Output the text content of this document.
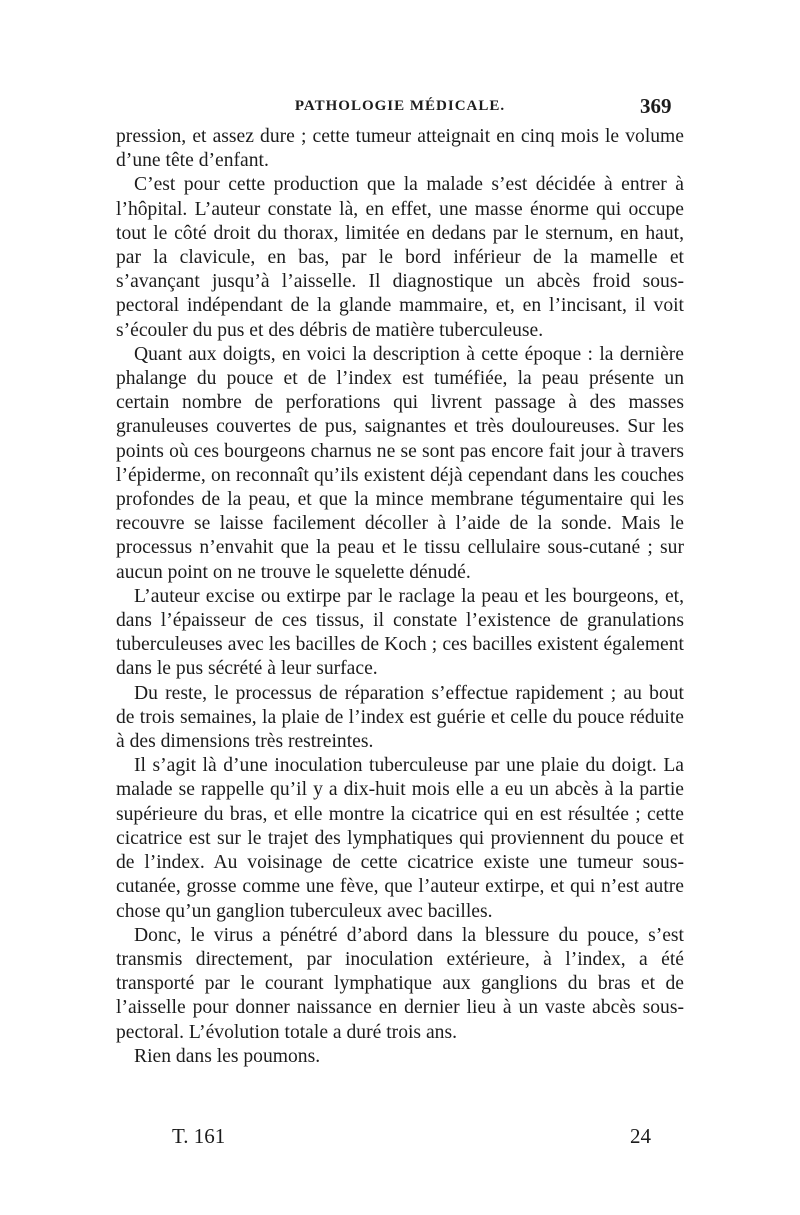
PATHOLOGIE MÉDICALE.	369

pression, et assez dure ; cette tumeur atteignait en cinq mois le volume d’une tête d’enfant.

C’est pour cette production que la malade s’est décidée à entrer à l’hôpital. L’auteur constate là, en effet, une masse énorme qui occupe tout le côté droit du thorax, limitée en dedans par le sternum, en haut, par la clavicule, en bas, par le bord inférieur de la mamelle et s’avançant jusqu’à l’aisselle. Il diagnostique un abcès froid sous-pectoral indépendant de la glande mammaire, et, en l’incisant, il voit s’écouler du pus et des débris de matière tuberculeuse.

Quant aux doigts, en voici la description à cette époque : la dernière phalange du pouce et de l’index est tuméfiée, la peau présente un certain nombre de perforations qui livrent passage à des masses granuleuses couvertes de pus, saignantes et très douloureuses. Sur les points où ces bourgeons charnus ne se sont pas encore fait jour à travers l’épiderme, on reconnaît qu’ils existent déjà cependant dans les couches profondes de la peau, et que la mince membrane tégumentaire qui les recouvre se laisse facilement décoller à l’aide de la sonde. Mais le processus n’envahit que la peau et le tissu cellulaire sous-cutané ; sur aucun point on ne trouve le squelette dénudé.

L’auteur excise ou extirpe par le raclage la peau et les bourgeons, et, dans l’épaisseur de ces tissus, il constate l’existence de granulations tuberculeuses avec les bacilles de Koch ; ces bacilles existent également dans le pus sécrété à leur surface.

Du reste, le processus de réparation s’effectue rapidement ; au bout de trois semaines, la plaie de l’index est guérie et celle du pouce réduite à des dimensions très restreintes.

Il s’agit là d’une inoculation tuberculeuse par une plaie du doigt. La malade se rappelle qu’il y a dix-huit mois elle a eu un abcès à la partie supérieure du bras, et elle montre la cicatrice qui en est résultée ; cette cicatrice est sur le trajet des lymphatiques qui proviennent du pouce et de l’index. Au voisinage de cette cicatrice existe une tumeur sous-cutanée, grosse comme une fève, que l’auteur extirpe, et qui n’est autre chose qu’un ganglion tuberculeux avec bacilles.

Donc, le virus a pénétré d’abord dans la blessure du pouce, s’est transmis directement, par inoculation extérieure, à l’index, a été transporté par le courant lymphatique aux ganglions du bras et de l’aisselle pour donner naissance en dernier lieu à un vaste abcès sous-pectoral. L’évolution totale a duré trois ans.

Rien dans les poumons.

T. 161	24
